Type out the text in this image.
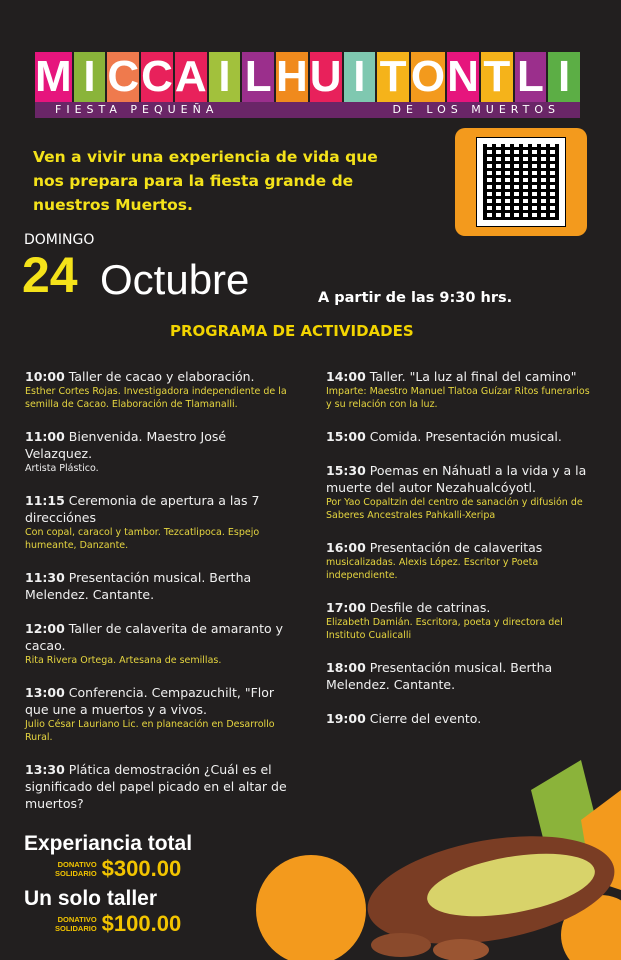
M I C C A I L H U I T O N T L I
FIESTA PEQUEÑA	DE LOS MUERTOS
Ven a vivir una experiencia de vida que nos prepara para la fiesta grande de nuestros Muertos.
DOMINGO
24 Octubre	A partir de las 9:30 hrs.
PROGRAMA DE ACTIVIDADES
10:00 Taller de cacao y elaboración.
Esther Cortes Rojas. Investigadora independiente de la semilla de Cacao. Elaboración de Tlamanalli.
11:00 Bienvenida. Maestro José Velazquez.
Artista Plástico.
11:15 Ceremonia de apertura a las 7 direcciónes
Con copal, caracol y tambor. Tezcatlipoca. Espejo humeante, Danzante.
11:30 Presentación musical. Bertha Melendez. Cantante.
12:00 Taller de calaverita de amaranto y cacao.
Rita Rivera Ortega. Artesana de semillas.
13:00 Conferencia. Cempazuchilt, "Flor que une a muertos y a vivos.
Julio César Lauriano Lic. en planeación en Desarrollo Rural.
13:30 Plática demostración ¿Cuál es el significado del papel picado en el altar de muertos?
14:00 Taller. "La luz al final del camino"
Imparte: Maestro Manuel Tlatoa Guízar Ritos funerarios y su relación con la luz.
15:00 Comida. Presentación musical.
15:30 Poemas en Náhuatl a la vida y a la muerte del autor Nezahualcóyotl.
Por Yao Copaltzin del centro de sanación y difusión de Saberes Ancestrales Pahkalli-Xeripa
16:00 Presentación de calaveritas
musicalizadas. Alexis López. Escritor y Poeta independiente.
17:00 Desfile de catrinas.
Elizabeth Damián. Escritora, poeta y directora del Instituto Cualicalli
18:00 Presentación musical. Bertha Melendez. Cantante.
19:00 Cierre del evento.
Experiancia total
DONATIVO
SOLIDARIO $300.00
Un solo taller
DONATIVO
SOLIDARIO $100.00
